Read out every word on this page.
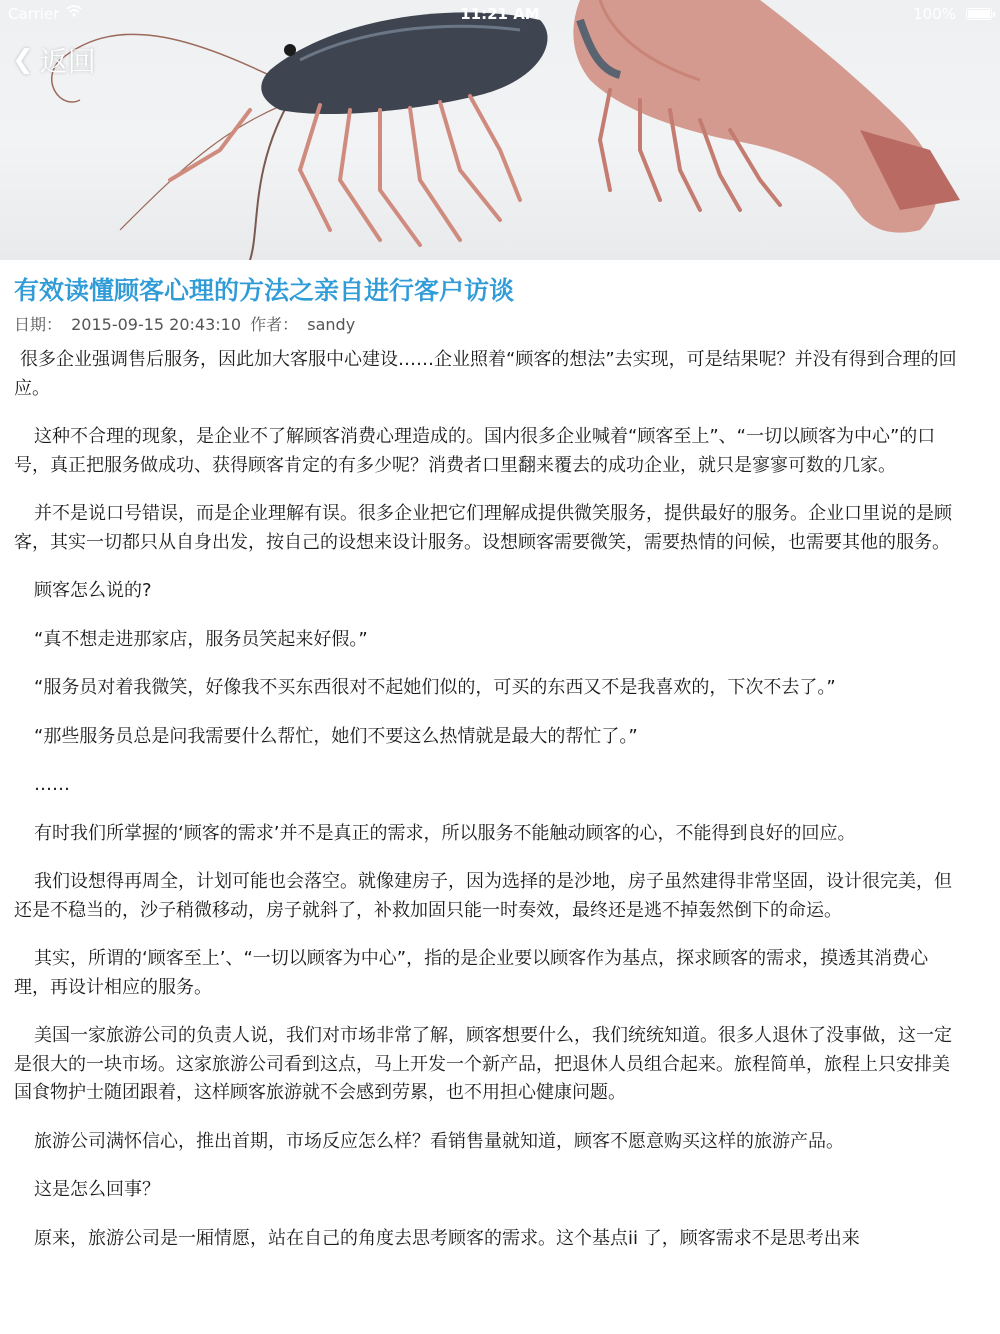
Carrier	11:21 AM	100%
❮ 返回
有效读懂顾客心理的方法之亲自进行客户访谈
日期： 2015-09-15 20:43:10 作者： sandy

很多企业强调售后服务，因此加大客服中心建设……企业照着“顾客的想法”去实现，可是结果呢？并没有得到合理的回应。

这种不合理的现象，是企业不了解顾客消费心理造成的。国内很多企业喊着“顾客至上”、“一切以顾客为中心”的口号，真正把服务做成功、获得顾客肯定的有多少呢？消费者口里翻来覆去的成功企业，就只是寥寥可数的几家。

并不是说口号错误，而是企业理解有误。很多企业把它们理解成提供微笑服务，提供最好的服务。企业口里说的是顾客，其实一切都只从自身出发，按自己的设想来设计服务。设想顾客需要微笑，需要热情的问候，也需要其他的服务。

顾客怎么说的?

“真不想走进那家店，服务员笑起来好假。”

“服务员对着我微笑，好像我不买东西很对不起她们似的，可买的东西又不是我喜欢的，下次不去了。”

“那些服务员总是问我需要什么帮忙，她们不要这么热情就是最大的帮忙了。”

……

有时我们所掌握的‘顾客的需求’并不是真正的需求，所以服务不能触动顾客的心，不能得到良好的回应。

我们设想得再周全，计划可能也会落空。就像建房子，因为选择的是沙地，房子虽然建得非常坚固，设计很完美，但还是不稳当的，沙子稍微移动，房子就斜了，补救加固只能一时奏效，最终还是逃不掉轰然倒下的命运。

其实，所谓的‘顾客至上’、“一切以顾客为中心”，指的是企业要以顾客作为基点，探求顾客的需求，摸透其消费心理，再设计相应的服务。

美国一家旅游公司的负责人说，我们对市场非常了解，顾客想要什么，我们统统知道。很多人退休了没事做，这一定是很大的一块市场。这家旅游公司看到这点，马上开发一个新产品，把退休人员组合起来。旅程简单，旅程上只安排美国食物护士随团跟着，这样顾客旅游就不会感到劳累，也不用担心健康问题。

旅游公司满怀信心，推出首期，市场反应怎么样？看销售量就知道，顾客不愿意购买这样的旅游产品。

这是怎么回事？

原来，旅游公司是一厢情愿，站在自己的角度去思考顾客的需求。这个基点ii 了，顾客需求不是思考出来
